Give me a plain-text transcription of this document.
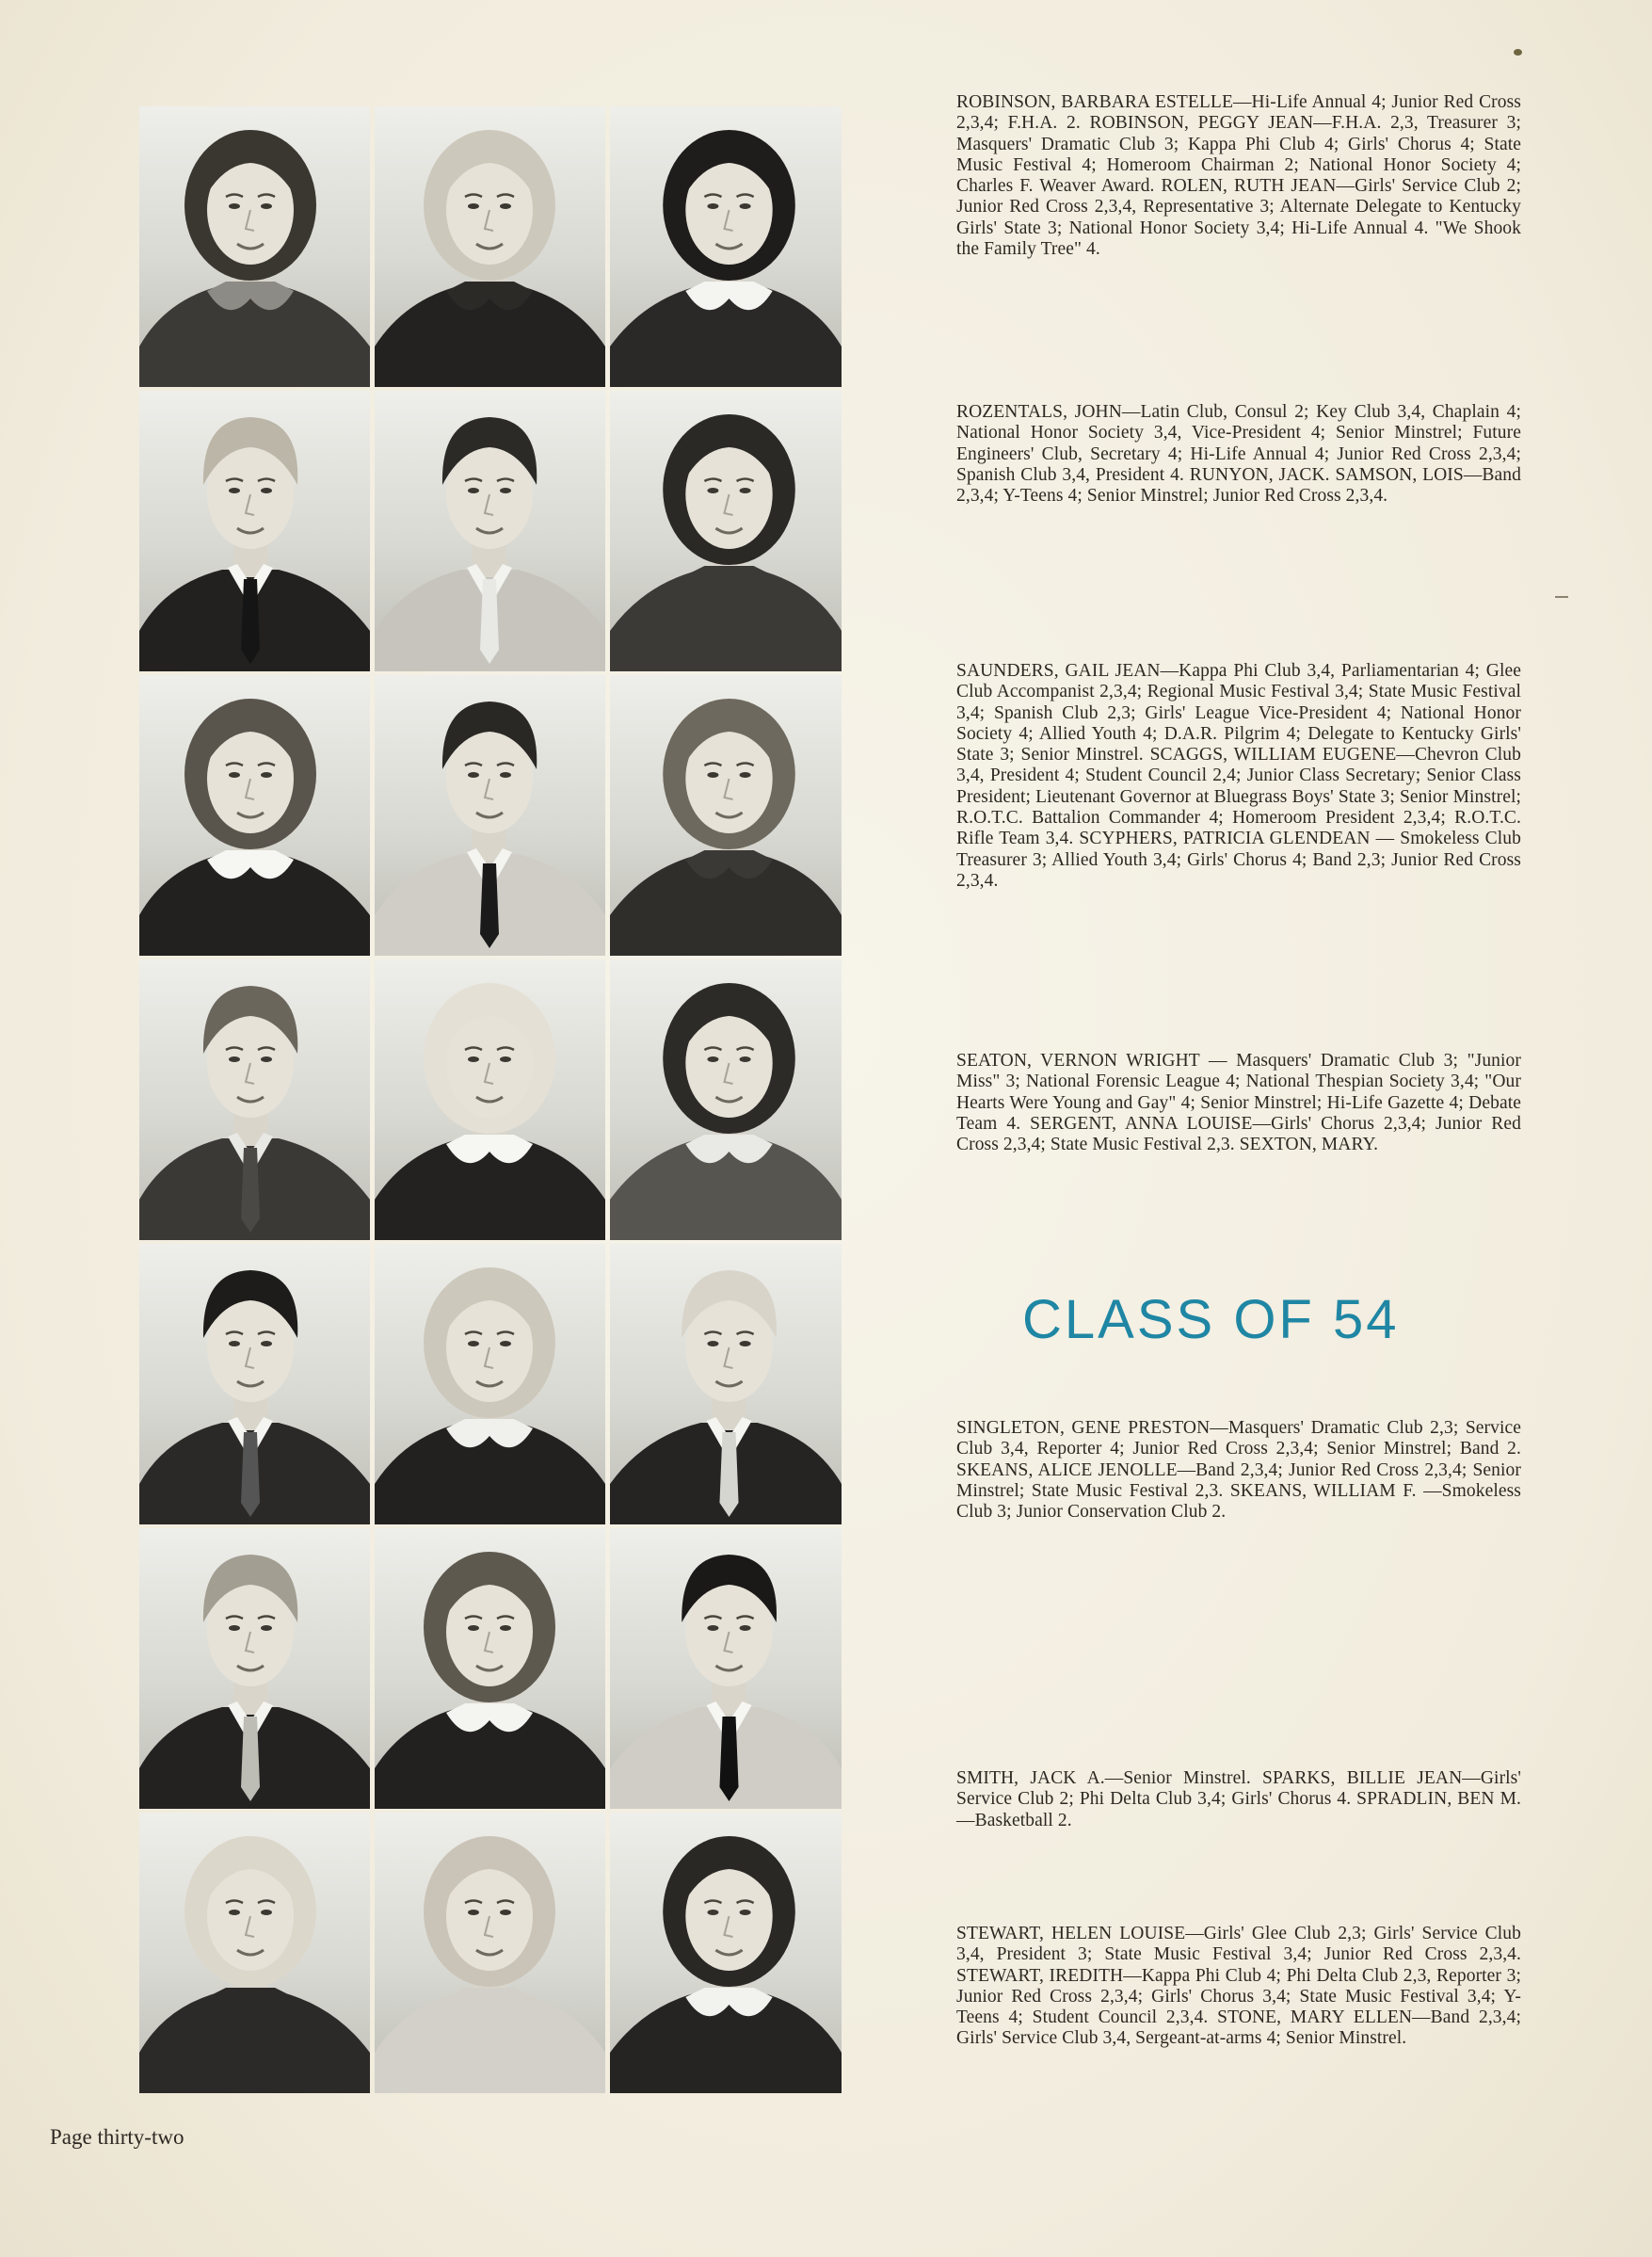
ROBINSON, BARBARA ESTELLE—Hi-Life Annual 4; Junior Red Cross 2,3,4; F.H.A. 2. ROBINSON, PEGGY JEAN—F.H.A. 2,3, Treasurer 3; Masquers' Dramatic Club 3; Kappa Phi Club 4; Girls' Chorus 4; State Music Festival 4; Homeroom Chairman 2; National Honor Society 4; Charles F. Weaver Award. ROLEN, RUTH JEAN—Girls' Service Club 2; Junior Red Cross 2,3,4, Representative 3; Alternate Delegate to Kentucky Girls' State 3; National Honor Society 3,4; Hi-Life Annual 4. "We Shook the Family Tree" 4.

ROZENTALS, JOHN—Latin Club, Consul 2; Key Club 3,4, Chaplain 4; National Honor Society 3,4, Vice-President 4; Senior Minstrel; Future Engineers' Club, Secretary 4; Hi-Life Annual 4; Junior Red Cross 2,3,4; Spanish Club 3,4, President 4. RUNYON, JACK. SAMSON, LOIS—Band 2,3,4; Y-Teens 4; Senior Minstrel; Junior Red Cross 2,3,4.

SAUNDERS, GAIL JEAN—Kappa Phi Club 3,4, Parliamentarian 4; Glee Club Accompanist 2,3,4; Regional Music Festival 3,4; State Music Festival 3,4; Spanish Club 2,3; Girls' League Vice-President 4; National Honor Society 4; Allied Youth 4; D.A.R. Pilgrim 4; Delegate to Kentucky Girls' State 3; Senior Minstrel. SCAGGS, WILLIAM EUGENE—Chevron Club 3,4, President 4; Student Council 2,4; Junior Class Secretary; Senior Class President; Lieutenant Governor at Bluegrass Boys' State 3; Senior Minstrel; R.O.T.C. Battalion Commander 4; Homeroom President 2,3,4; R.O.T.C. Rifle Team 3,4. SCYPHERS, PATRICIA GLENDEAN — Smokeless Club Treasurer 3; Allied Youth 3,4; Girls' Chorus 4; Band 2,3; Junior Red Cross 2,3,4.

SEATON, VERNON WRIGHT — Masquers' Dramatic Club 3; "Junior Miss" 3; National Forensic League 4; National Thespian Society 3,4; "Our Hearts Were Young and Gay" 4; Senior Minstrel; Hi-Life Gazette 4; Debate Team 4. SERGENT, ANNA LOUISE—Girls' Chorus 2,3,4; Junior Red Cross 2,3,4; State Music Festival 2,3. SEXTON, MARY.

CLASS OF 54

SINGLETON, GENE PRESTON—Masquers' Dramatic Club 2,3; Service Club 3,4, Reporter 4; Junior Red Cross 2,3,4; Senior Minstrel; Band 2. SKEANS, ALICE JENOLLE—Band 2,3,4; Junior Red Cross 2,3,4; Senior Minstrel; State Music Festival 2,3. SKEANS, WILLIAM F. —Smokeless Club 3; Junior Conservation Club 2.

SMITH, JACK A.—Senior Minstrel. SPARKS, BILLIE JEAN—Girls' Service Club 2; Phi Delta Club 3,4; Girls' Chorus 4. SPRADLIN, BEN M.—Basketball 2.

STEWART, HELEN LOUISE—Girls' Glee Club 2,3; Girls' Service Club 3,4, President 3; State Music Festival 3,4; Junior Red Cross 2,3,4. STEWART, IREDITH—Kappa Phi Club 4; Phi Delta Club 2,3, Reporter 3; Junior Red Cross 2,3,4; Girls' Chorus 3,4; State Music Festival 3,4; Y-Teens 4; Student Council 2,3,4. STONE, MARY ELLEN—Band 2,3,4; Girls' Service Club 3,4, Sergeant-at-arms 4; Senior Minstrel.

Page thirty-two
